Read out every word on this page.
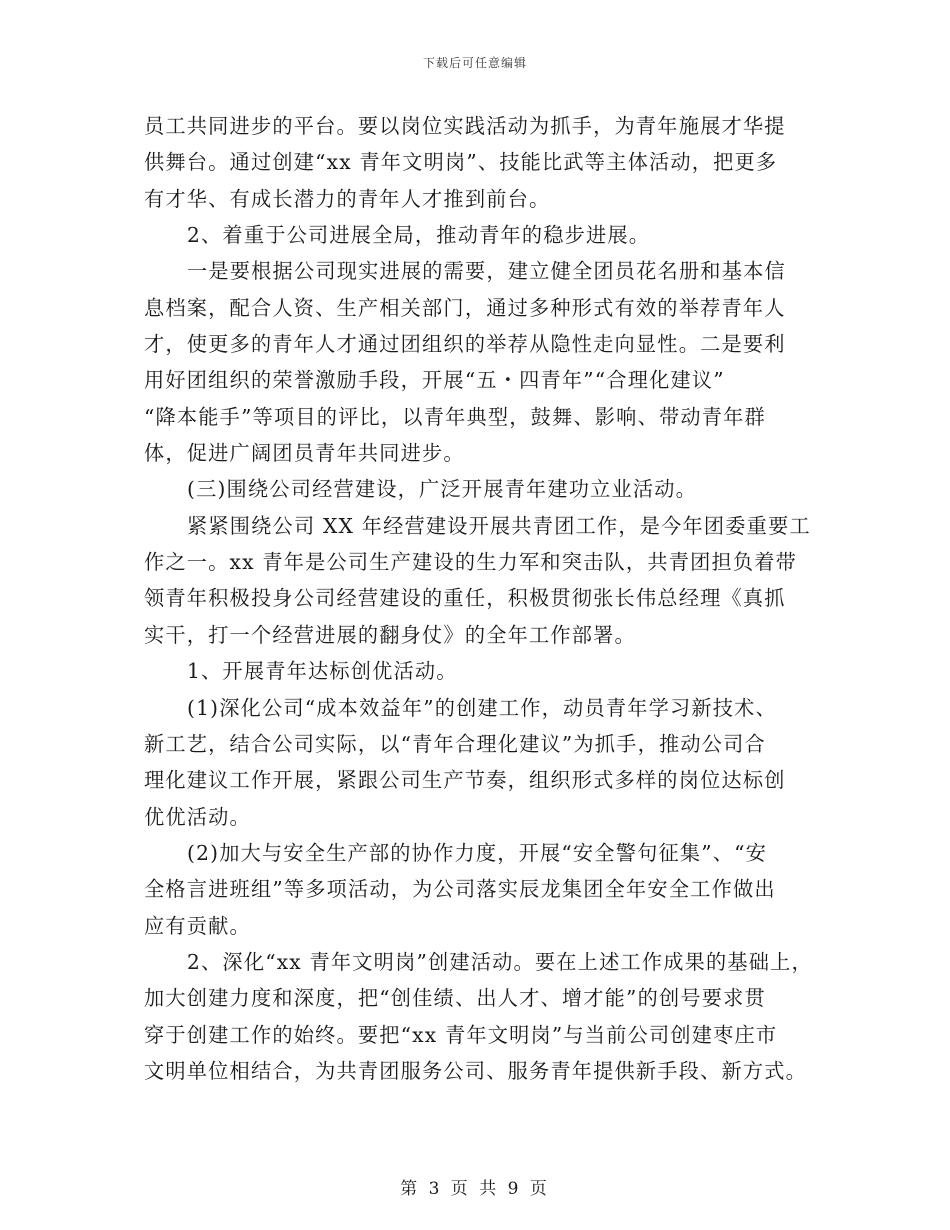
下载后可任意编辑
员工共同进步的平台。要以岗位实践活动为抓手，为青年施展才华提
供舞台。通过创建“xx 青年文明岗”、技能比武等主体活动，把更多
有才华、有成长潜力的青年人才推到前台。
2、着重于公司进展全局，推动青年的稳步进展。
一是要根据公司现实进展的需要，建立健全团员花名册和基本信
息档案，配合人资、生产相关部门，通过多种形式有效的举荐青年人
才，使更多的青年人才通过团组织的举荐从隐性走向显性。二是要利
用好团组织的荣誉激励手段，开展“五・四青年”“合理化建议”
“降本能手”等项目的评比，以青年典型，鼓舞、影响、带动青年群
体，促进广阔团员青年共同进步。
(三)围绕公司经营建设，广泛开展青年建功立业活动。
紧紧围绕公司 XX 年经营建设开展共青团工作，是今年团委重要工
作之一。xx 青年是公司生产建设的生力军和突击队，共青团担负着带
领青年积极投身公司经营建设的重任，积极贯彻张长伟总经理《真抓
实干，打一个经营进展的翻身仗》的全年工作部署。
1、开展青年达标创优活动。
(1)深化公司“成本效益年”的创建工作，动员青年学习新技术、
新工艺，结合公司实际，以“青年合理化建议”为抓手，推动公司合
理化建议工作开展，紧跟公司生产节奏，组织形式多样的岗位达标创
优优活动。
(2)加大与安全生产部的协作力度，开展“安全警句征集”、“安
全格言进班组”等多项活动，为公司落实辰龙集团全年安全工作做出
应有贡献。
2、深化“xx 青年文明岗”创建活动。要在上述工作成果的基础上，
加大创建力度和深度，把“创佳绩、出人才、增才能”的创号要求贯
穿于创建工作的始终。要把“xx 青年文明岗”与当前公司创建枣庄市
文明单位相结合，为共青团服务公司、服务青年提供新手段、新方式。
第 3 页 共 9 页
